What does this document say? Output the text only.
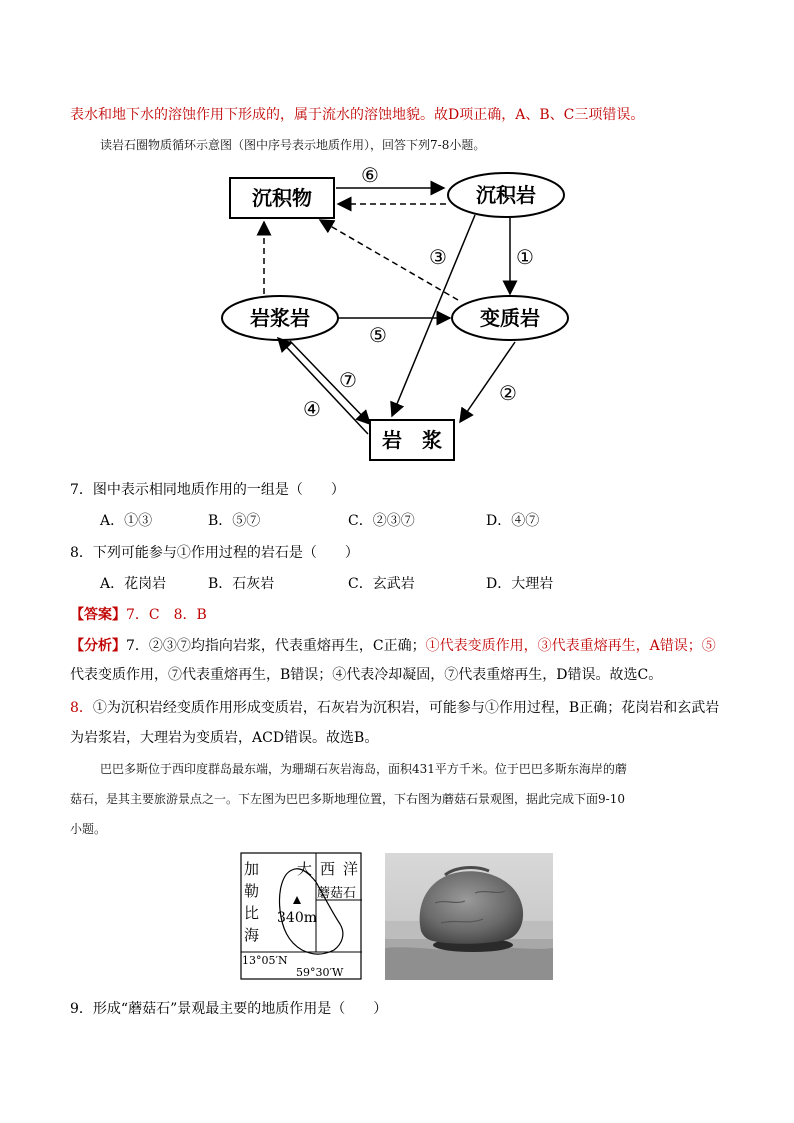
表水和地下水的溶蚀作用下形成的，属于流水的溶蚀地貌。故D项正确，A、B、C三项错误。
读岩石圈物质循环示意图（图中序号表示地质作用），回答下列7-8小题。
沉积物	沉积岩
岩浆岩	变质岩
岩　浆
⑥
③	①
⑤
⑦
④
②
7．图中表示相同地质作用的一组是（　　）
A．①③	B．⑤⑦	C．②③⑦	D．④⑦
8．下列可能参与①作用过程的岩石是（　　）
A．花岗岩	B．石灰岩	C．玄武岩	D．大理岩
【答案】7．C　8．B
【分析】7．②③⑦均指向岩浆，代表重熔再生，C正确；①代表变质作用，③代表重熔再生，A错误；⑤
代表变质作用，⑦代表重熔再生，B错误；④代表冷却凝固，⑦代表重熔再生，D错误。故选C。
8．①为沉积岩经变质作用形成变质岩，石灰岩为沉积岩，可能参与①作用过程，B正确；花岗岩和玄武岩
为岩浆岩，大理岩为变质岩，ACD错误。故选B。
巴巴多斯位于西印度群岛最东端，为珊瑚石灰岩海岛，面积431平方千米。位于巴巴多斯东海岸的蘑
菇石，是其主要旅游景点之一。下左图为巴巴多斯地理位置，下右图为蘑菇石景观图，据此完成下面9-10
小题。
加
勒
比
海
大 西 洋
蘑 菇 石
340m
13°05′N
59°30′W
9．形成“蘑菇石”景观最主要的地质作用是（　　）
